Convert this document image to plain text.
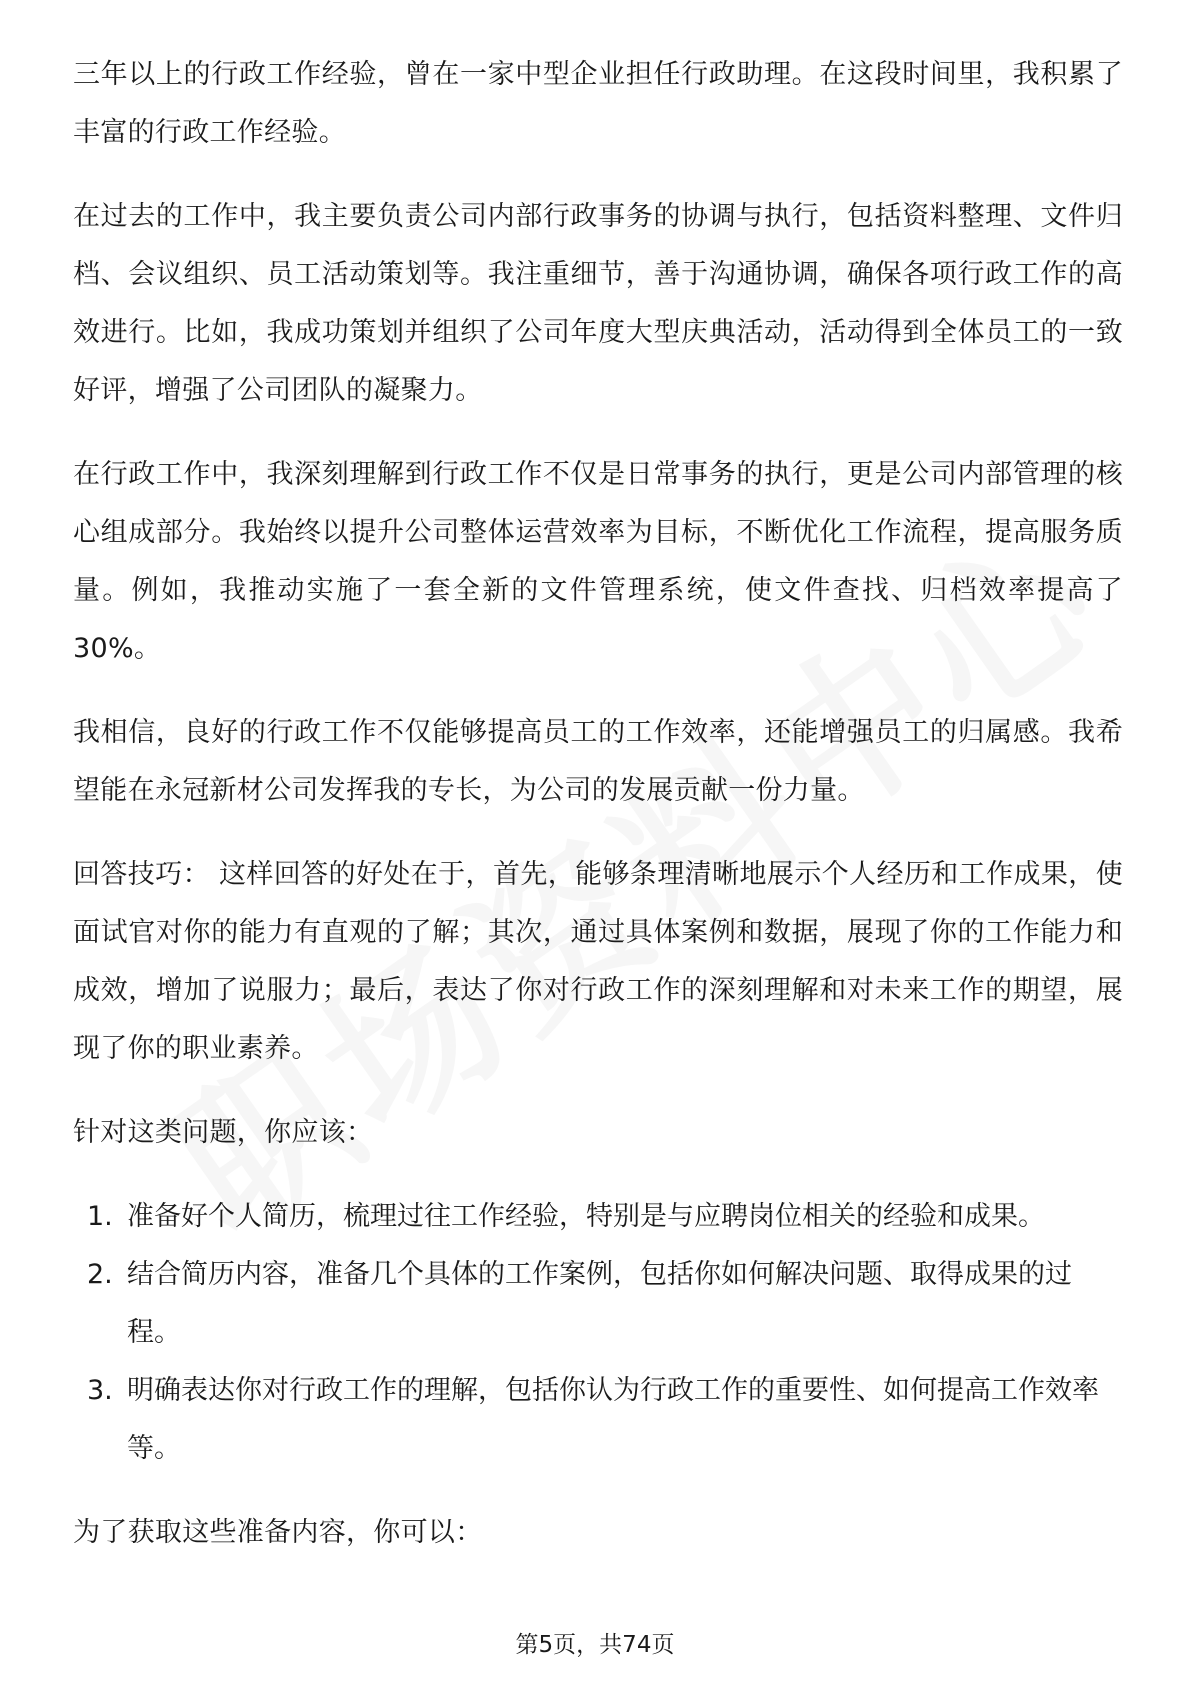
三年以上的行政工作经验，曾在一家中型企业担任行政助理。在这段时间里，我积累了丰富的行政工作经验。

在过去的工作中，我主要负责公司内部行政事务的协调与执行，包括资料整理、文件归档、会议组织、员工活动策划等。我注重细节，善于沟通协调，确保各项行政工作的高效进行。比如，我成功策划并组织了公司年度大型庆典活动，活动得到全体员工的一致好评，增强了公司团队的凝聚力。

在行政工作中，我深刻理解到行政工作不仅是日常事务的执行，更是公司内部管理的核心组成部分。我始终以提升公司整体运营效率为目标，不断优化工作流程，提高服务质量。例如，我推动实施了一套全新的文件管理系统，使文件查找、归档效率提高了30%。

我相信，良好的行政工作不仅能够提高员工的工作效率，还能增强员工的归属感。我希望能在永冠新材公司发挥我的专长，为公司的发展贡献一份力量。

回答技巧： 这样回答的好处在于，首先，能够条理清晰地展示个人经历和工作成果，使面试官对你的能力有直观的了解；其次，通过具体案例和数据，展现了你的工作能力和成效，增加了说服力；最后，表达了你对行政工作的深刻理解和对未来工作的期望，展现了你的职业素养。

针对这类问题，你应该：

1. 准备好个人简历，梳理过往工作经验，特别是与应聘岗位相关的经验和成果。
2. 结合简历内容，准备几个具体的工作案例，包括你如何解决问题、取得成果的过程。
3. 明确表达你对行政工作的理解，包括你认为行政工作的重要性、如何提高工作效率等。

为了获取这些准备内容，你可以：

第5页，共74页
